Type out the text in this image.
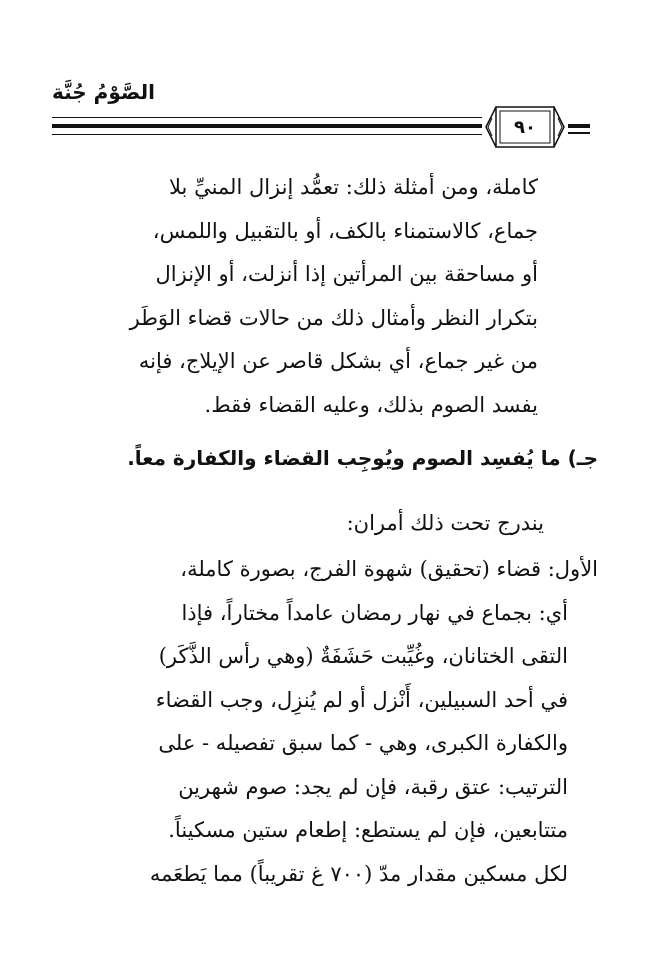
الصَّوْمُ جُنَّة
٩٠
كاملة، ومن أمثلة ذلك: تعمُّد إنزال المنيِّ بلا
جماع، كالاستمناء بالكف، أو بالتقبيل واللمس،
أو مساحقة بين المرأتين إذا أنزلت، أو الإنزال
بتكرار النظر وأمثال ذلك من حالات قضاء الوَطَر
من غير جماع، أي بشكل قاصر عن الإيلاج، فإنه
يفسد الصوم بذلك، وعليه القضاء فقط.
جـ) ما يُفسِد الصوم ويُوجِب القضاء والكفارة معاً.
يندرج تحت ذلك أمران:
الأول: قضاء (تحقيق) شهوة الفرج، بصورة كاملة،
أي: بجماع في نهار رمضان عامداً مختاراً، فإذا
التقى الختانان، وغُيِّبت حَشَفَةٌ (وهي رأس الذَّكَر)
في أحد السبيلين، أَنْزل أو لم يُنزِل، وجب القضاء
والكفارة الكبرى، وهي - كما سبق تفصيله - على
الترتيب: عتق رقبة، فإن لم يجد: صوم شهرين
متتابعين، فإن لم يستطع: إطعام ستين مسكيناً.
لكل مسكين مقدار مدّ (٧٠٠ غ تقريباً) مما يَطعَمه
